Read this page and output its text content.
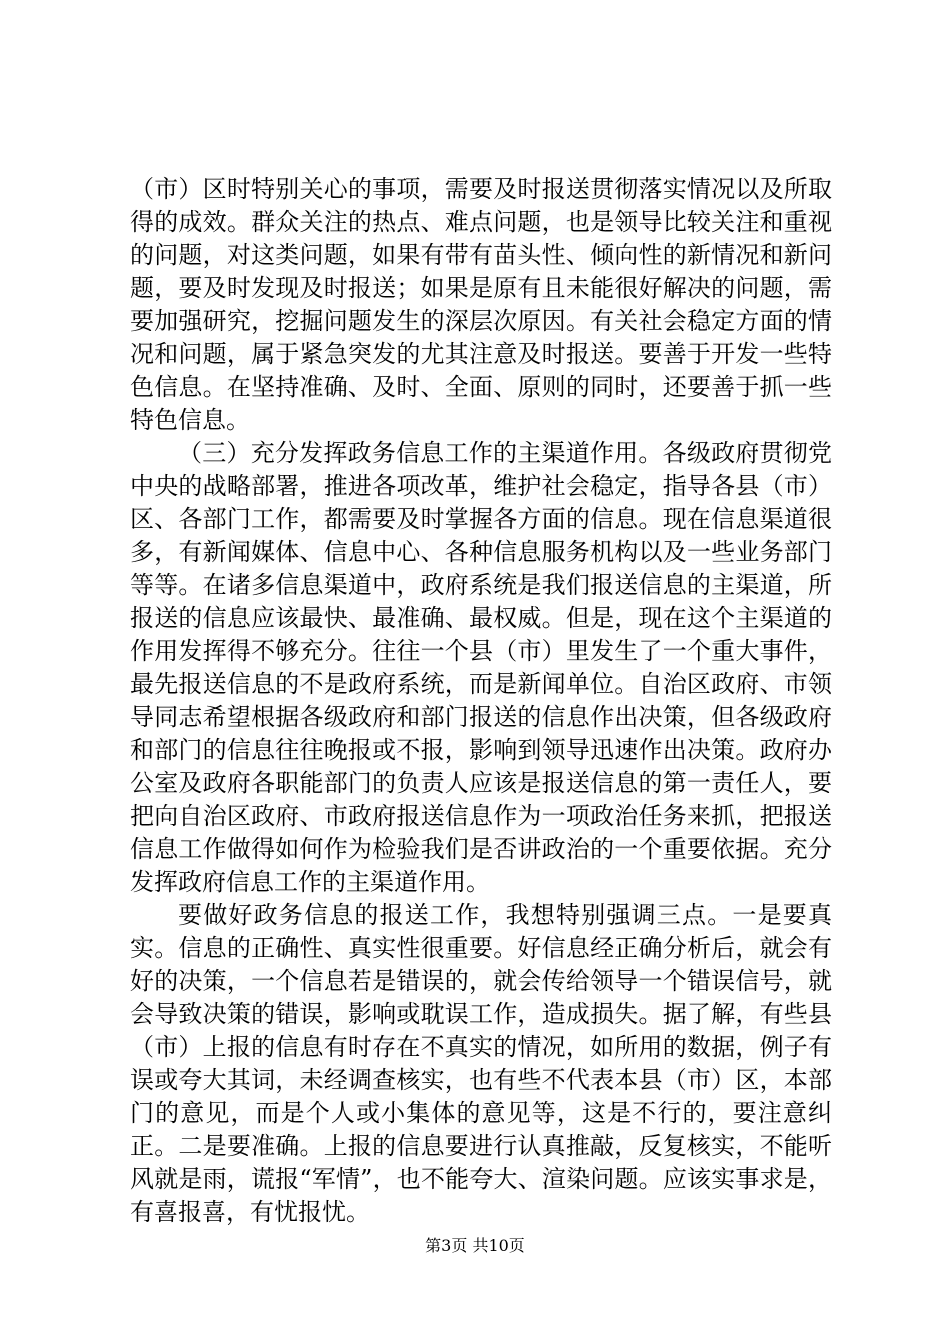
（市）区时特别关心的事项，需要及时报送贯彻落实情况以及所取得的成效。群众关注的热点、难点问题，也是领导比较关注和重视的问题，对这类问题，如果有带有苗头性、倾向性的新情况和新问题，要及时发现及时报送；如果是原有且未能很好解决的问题，需要加强研究，挖掘问题发生的深层次原因。有关社会稳定方面的情况和问题，属于紧急突发的尤其注意及时报送。要善于开发一些特色信息。在坚持准确、及时、全面、原则的同时，还要善于抓一些特色信息。

（三）充分发挥政务信息工作的主渠道作用。各级政府贯彻党中央的战略部署，推进各项改革，维护社会稳定，指导各县（市）区、各部门工作，都需要及时掌握各方面的信息。现在信息渠道很多，有新闻媒体、信息中心、各种信息服务机构以及一些业务部门等等。在诸多信息渠道中，政府系统是我们报送信息的主渠道，所报送的信息应该最快、最准确、最权威。但是，现在这个主渠道的作用发挥得不够充分。往往一个县（市）里发生了一个重大事件，最先报送信息的不是政府系统，而是新闻单位。自治区政府、市领导同志希望根据各级政府和部门报送的信息作出决策，但各级政府和部门的信息往往晚报或不报，影响到领导迅速作出决策。政府办公室及政府各职能部门的负责人应该是报送信息的第一责任人，要把向自治区政府、市政府报送信息作为一项政治任务来抓，把报送信息工作做得如何作为检验我们是否讲政治的一个重要依据。充分发挥政府信息工作的主渠道作用。

要做好政务信息的报送工作，我想特别强调三点。一是要真实。信息的正确性、真实性很重要。好信息经正确分析后，就会有好的决策，一个信息若是错误的，就会传给领导一个错误信号，就会导致决策的错误，影响或耽误工作，造成损失。据了解，有些县（市）上报的信息有时存在不真实的情况，如所用的数据，例子有误或夸大其词，未经调查核实，也有些不代表本县（市）区，本部门的意见，而是个人或小集体的意见等，这是不行的，要注意纠正。二是要准确。上报的信息要进行认真推敲，反复核实，不能听风就是雨，谎报“军情”，也不能夸大、渲染问题。应该实事求是，有喜报喜，有忧报忧。

第3页 共10页
